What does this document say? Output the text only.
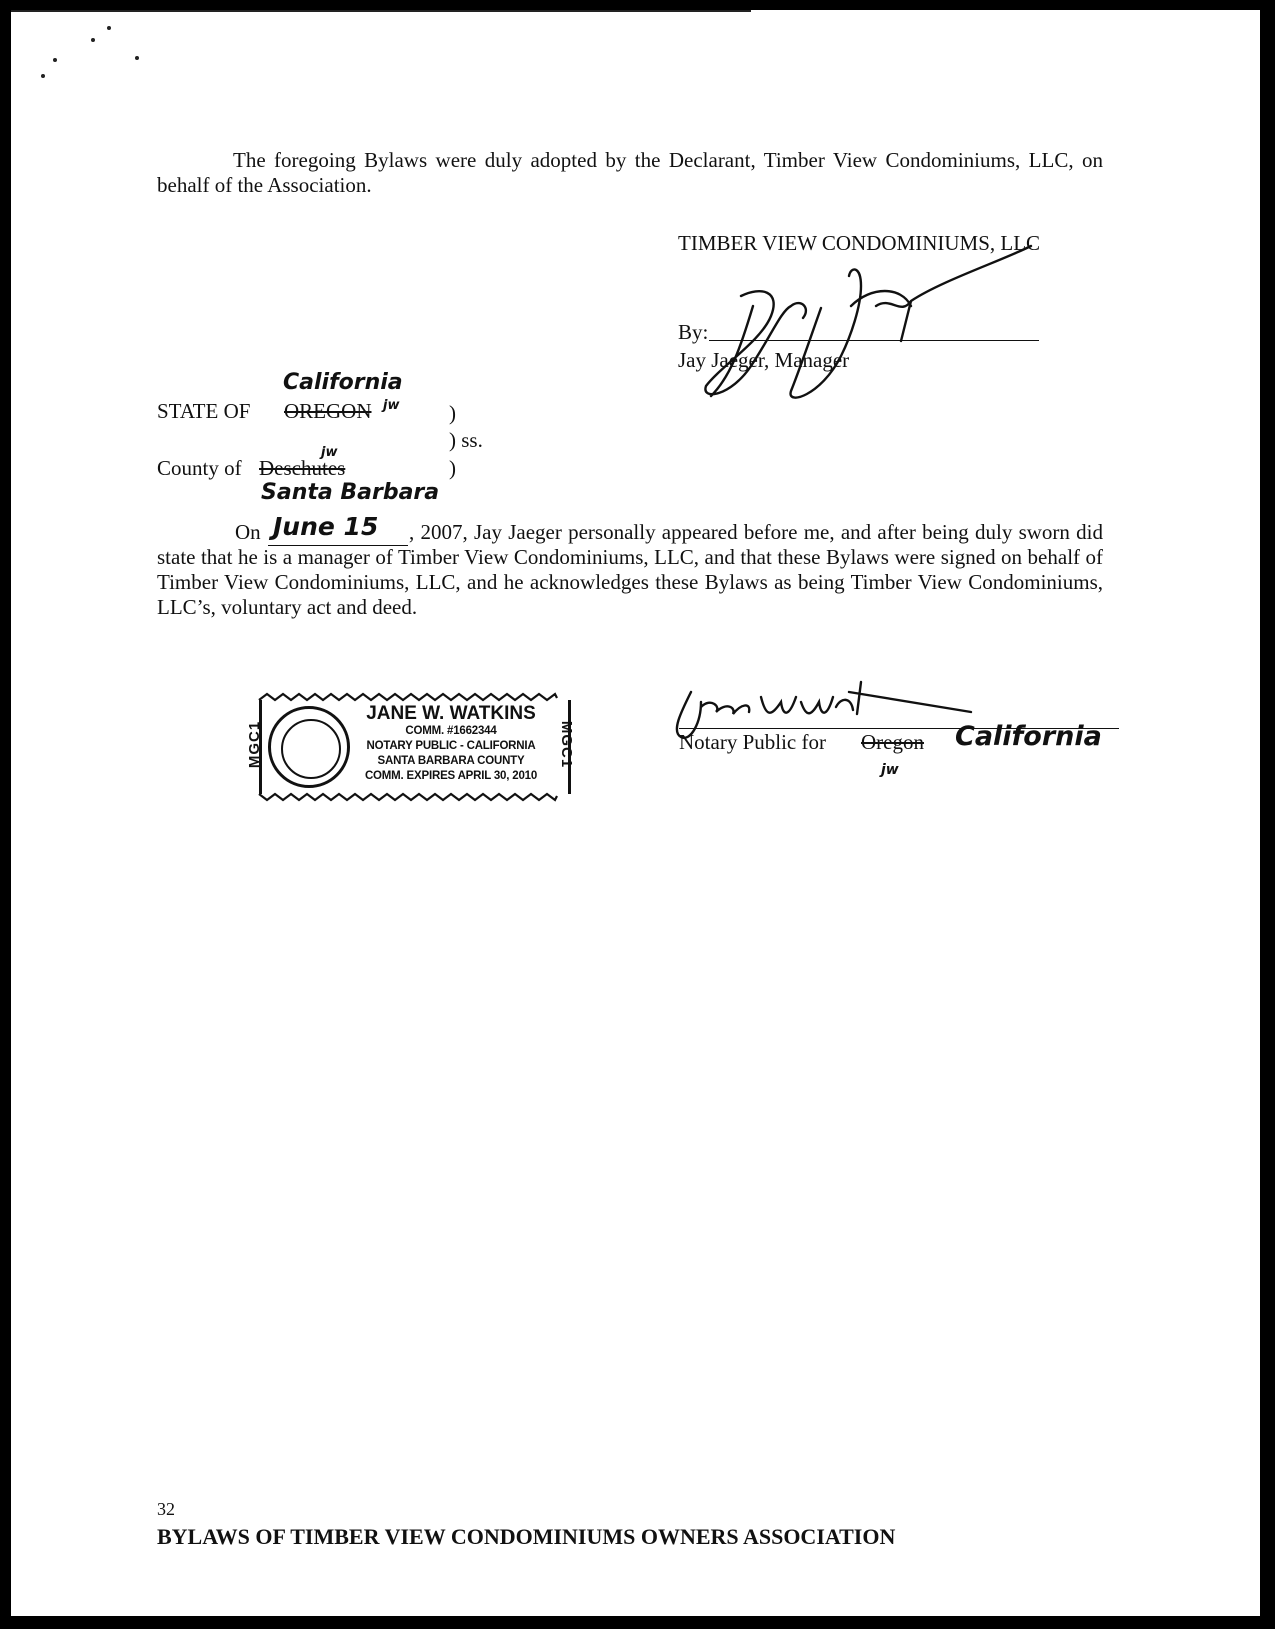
The foregoing Bylaws were duly adopted by the Declarant, Timber View Condominiums, LLC, on behalf of the Association.
TIMBER VIEW CONDOMINIUMS, LLC
By:
Jay Jaeger, Manager
California
STATE OF OREGON jw )
) ss.
jw
County of Deschutes	)
Santa Barbara
On June 15	, 2007, Jay Jaeger personally appeared before me, and after being duly sworn did state that he is a manager of Timber View Condominiums, LLC, and that these Bylaws were signed on behalf of Timber View Condominiums, LLC, and he acknowledges these Bylaws as being Timber View Condominiums, LLC’s, voluntary act and deed.
JANE W. WATKINS
COMM. #1662344
NOTARY PUBLIC - CALIFORNIA
SANTA BARBARA COUNTY
COMM. EXPIRES APRIL 30, 2010
MGC1	MGC1	Notary Public for Oregon California
jw
32
BYLAWS OF TIMBER VIEW CONDOMINIUMS OWNERS ASSOCIATION
